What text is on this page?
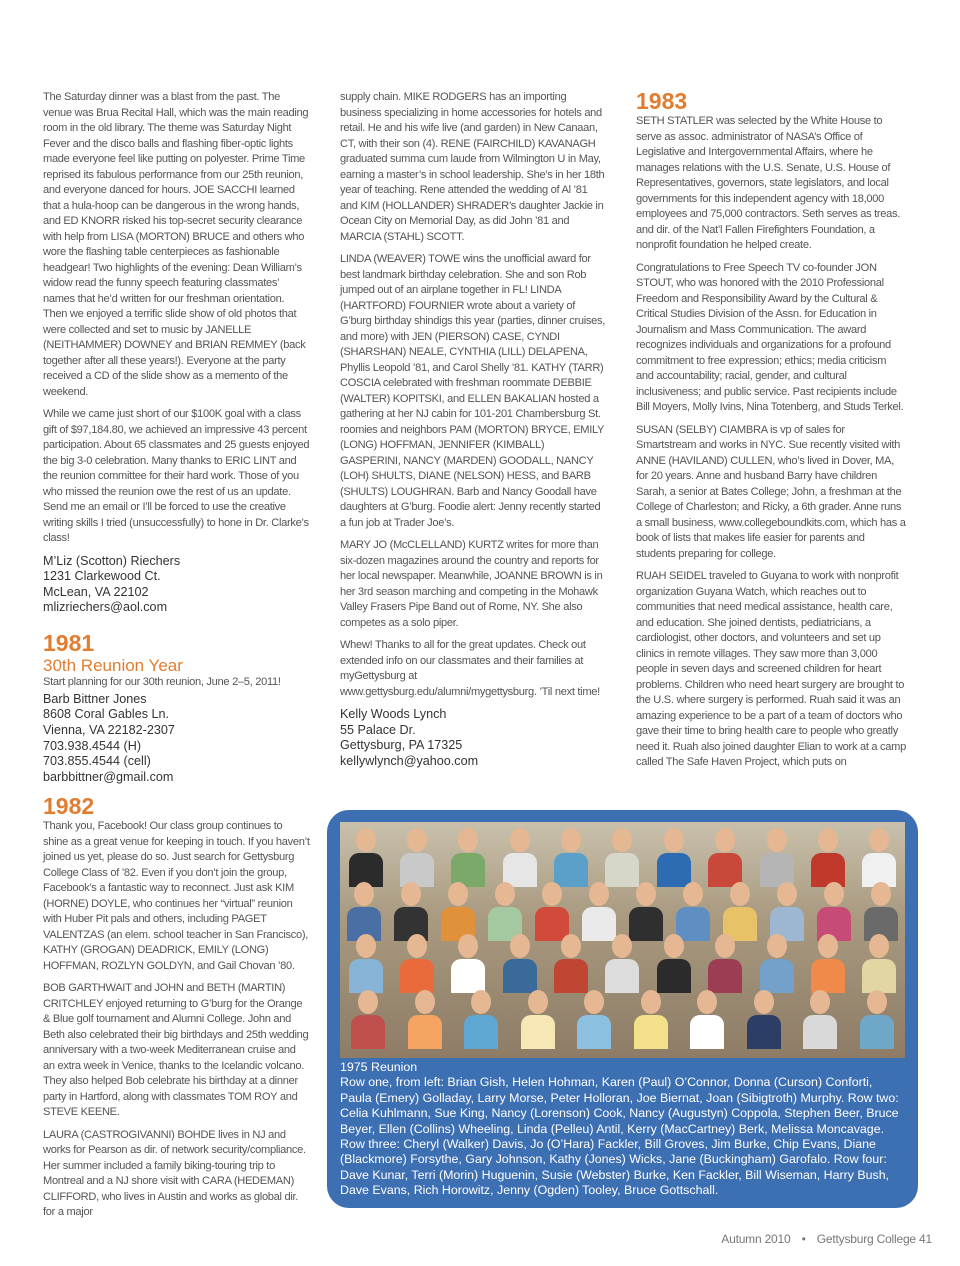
The Saturday dinner was a blast from the past. The venue was Brua Recital Hall, which was the main reading room in the old library. The theme was Saturday Night Fever and the disco balls and flashing fiber-optic lights made everyone feel like putting on polyester. Prime Time reprised its fabulous performance from our 25th reunion, and everyone danced for hours. JOE SACCHI learned that a hula-hoop can be dangerous in the wrong hands, and ED KNORR risked his top-secret security clearance with help from LISA (MORTON) BRUCE and others who wore the flashing table centerpieces as fashionable headgear! Two highlights of the evening: Dean William’s widow read the funny speech featuring classmates’ names that he’d written for our freshman orientation. Then we enjoyed a terrific slide show of old photos that were collected and set to music by JANELLE (NEITHAMMER) DOWNEY and BRIAN REMMEY (back together after all these years!). Everyone at the party received a CD of the slide show as a memento of the weekend.

While we came just short of our $100K goal with a class gift of $97,184.80, we achieved an impressive 43 percent participation. About 65 classmates and 25 guests enjoyed the big 3-0 celebration. Many thanks to ERIC LINT and the reunion committee for their hard work. Those of you who missed the reunion owe the rest of us an update. Send me an email or I’ll be forced to use the creative writing skills I tried (unsuccessfully) to hone in Dr. Clarke’s class!

M’Liz (Scotton) Riechers
1231 Clarkewood Ct.
McLean, VA 22102
mlizriechers@aol.com
1981
30th Reunion Year
Start planning for our 30th reunion, June 2–5, 2011!
Barb Bittner Jones
8608 Coral Gables Ln.
Vienna, VA 22182-2307
703.938.4544 (H)
703.855.4544 (cell)
barbbittner@gmail.com

supply chain. MIKE RODGERS has an importing business specializing in home accessories for hotels and retail. He and his wife live (and garden) in New Canaan, CT, with their son (4). RENE (FAIRCHILD) KAVANAGH graduated summa cum laude from Wilmington U in May, earning a master’s in school leadership. She’s in her 18th year of teaching. Rene attended the wedding of Al ’81 and KIM (HOLLANDER) SHRADER’s daughter Jackie in Ocean City on Memorial Day, as did John ’81 and MARCIA (STAHL) SCOTT.

LINDA (WEAVER) TOWE wins the unofficial award for best landmark birthday celebration. She and son Rob jumped out of an airplane together in FL! LINDA (HARTFORD) FOURNIER wrote about a variety of G’burg birthday shindigs this year (parties, dinner cruises, and more) with JEN (PIERSON) CASE, CYNDI (SHARSHAN) NEALE, CYNTHIA (LILL) DELAPENA, Phyllis Leopold ’81, and Carol Shelly ’81. KATHY (TARR) COSCIA celebrated with freshman roommate DEBBIE (WALTER) KOPITSKI, and ELLEN BAKALIAN hosted a gathering at her NJ cabin for 101-201 Chambersburg St. roomies and neighbors PAM (MORTON) BRYCE, EMILY (LONG) HOFFMAN, JENNIFER (KIMBALL) GASPERINI, NANCY (MARDEN) GOODALL, NANCY (LOH) SHULTS, DIANE (NELSON) HESS, and BARB (SHULTS) LOUGHRAN. Barb and Nancy Goodall have daughters at G’burg. Foodie alert: Jenny recently started a fun job at Trader Joe’s.

MARY JO (McCLELLAND) KURTZ writes for more than six-dozen magazines around the country and reports for her local newspaper. Meanwhile, JOANNE BROWN is in her 3rd season marching and competing in the Mohawk Valley Frasers Pipe Band out of Rome, NY. She also competes as a solo piper.

Whew! Thanks to all for the great updates. Check out extended info on our classmates and their families at myGettysburg at www.gettysburg.edu/alumni/mygettysburg. ’Til next time!

Kelly Woods Lynch
55 Palace Dr.
Gettysburg, PA 17325
kellywlynch@yahoo.com
1983

SETH STATLER was selected by the White House to serve as assoc. administrator of NASA’s Office of Legislative and Intergovernmental Affairs, where he manages relations with the U.S. Senate, U.S. House of Representatives, governors, state legislators, and local governments for this independent agency with 18,000 employees and 75,000 contractors. Seth serves as treas. and dir. of the Nat’l Fallen Firefighters Foundation, a nonprofit foundation he helped create.

Congratulations to Free Speech TV co-founder JON STOUT, who was honored with the 2010 Professional Freedom and Responsibility Award by the Cultural & Critical Studies Division of the Assn. for Education in Journalism and Mass Communication. The award recognizes individuals and organizations for a profound commitment to free expression; ethics; media criticism and accountability; racial, gender, and cultural inclusiveness; and public service. Past recipients include Bill Moyers, Molly Ivins, Nina Totenberg, and Studs Terkel.

SUSAN (SELBY) CIAMBRA is vp of sales for Smartstream and works in NYC. Sue recently visited with ANNE (HAVILAND) CULLEN, who’s lived in Dover, MA, for 20 years. Anne and husband Barry have children Sarah, a senior at Bates College; John, a freshman at the College of Charleston; and Ricky, a 6th grader. Anne runs a small business, www.collegeboundkits.com, which has a book of lists that makes life easier for parents and students preparing for college.

RUAH SEIDEL traveled to Guyana to work with nonprofit organization Guyana Watch, which reaches out to communities that need medical assistance, health care, and education. She joined dentists, pediatricians, a cardiologist, other doctors, and volunteers and set up clinics in remote villages. They saw more than 3,000 people in seven days and screened children for heart problems. Children who need heart surgery are brought to the U.S. where surgery is performed. Ruah said it was an amazing experience to be a part of a team of doctors who gave their time to bring health care to people who greatly need it. Ruah also joined daughter Elian to work at a camp called The Safe Haven Project, which puts on

1982

Thank you, Facebook! Our class group continues to shine as a great venue for keeping in touch. If you haven’t joined us yet, please do so. Just search for Gettysburg College Class of ’82. Even if you don’t join the group, Facebook’s a fantastic way to reconnect. Just ask KIM (HORNE) DOYLE, who continues her “virtual” reunion with Huber Pit pals and others, including PAGET VALENTZAS (an elem. school teacher in San Francisco), KATHY (GROGAN) DEADRICK, EMILY (LONG) HOFFMAN, ROZLYN GOLDYN, and Gail Chovan ’80.

BOB GARTHWAIT and JOHN and BETH (MARTIN) CRITCHLEY enjoyed returning to G’burg for the Orange & Blue golf tournament and Alumni College. John and Beth also celebrated their big birthdays and 25th wedding anniversary with a two-week Mediterranean cruise and an extra week in Venice, thanks to the Icelandic volcano. They also helped Bob celebrate his birthday at a dinner party in Hartford, along with classmates TOM ROY and STEVE KEENE.

LAURA (CASTROGIVANNI) BOHDE lives in NJ and works for Pearson as dir. of network security/compliance. Her summer included a family biking-touring trip to Montreal and a NJ shore visit with CARA (HEDEMAN) CLIFFORD, who lives in Austin and works as global dir. for a major

1975 Reunion
Row one, from left: Brian Gish, Helen Hohman, Karen (Paul) O’Connor, Donna (Curson) Conforti, Paula (Emery) Golladay, Larry Morse, Peter Holloran, Joe Biernat, Joan (Sibigtroth) Murphy. Row two: Celia Kuhlmann, Sue King, Nancy (Lorenson) Cook, Nancy (Augustyn) Coppola, Stephen Beer, Bruce Beyer, Ellen (Collins) Wheeling, Linda (Pelleu) Antil, Kerry (MacCartney) Berk, Melissa Moncavage. Row three: Cheryl (Walker) Davis, Jo (O’Hara) Fackler, Bill Groves, Jim Burke, Chip Evans, Diane (Blackmore) Forsythe, Gary Johnson, Kathy (Jones) Wicks, Jane (Buckingham) Garofalo. Row four: Dave Kunar, Terri (Morin) Huguenin, Susie (Webster) Burke, Ken Fackler, Bill Wiseman, Harry Bush, Dave Evans, Rich Horowitz, Jenny (Ogden) Tooley, Bruce Gottschall.
Autumn 2010 • Gettysburg College 41
